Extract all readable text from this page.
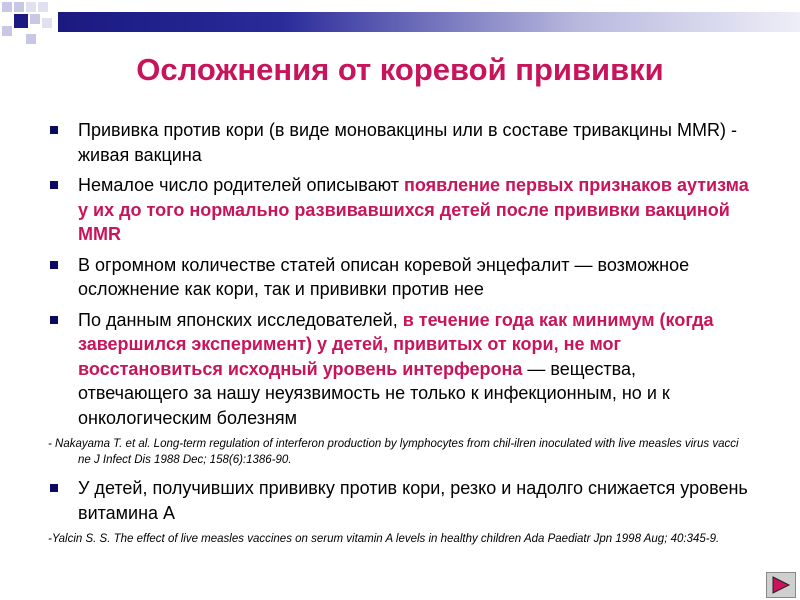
Осложнения от коревой прививки
Прививка против кори (в виде моновакцины или в составе тривакцины MMR) - живая вакцина
Немалое число родителей описывают появление первых признаков аутизма у их до того нормально развивавшихся детей после прививки вакциной MMR
В огромном количестве статей описан коревой энцефалит — возможное осложнение как кори, так и прививки против нее
По данным японских исследователей, в течение года как минимум (когда завершился эксперимент) у детей, привитых от кори, не мог восстановиться исходный уровень интерферона — вещества, отвечающего за нашу неуязвимость не только к инфекционным, но и к онкологическим болезням
- Nakayama T. et al. Long-term regulation of interferon production by lymphocytes from chil-ilren inoculated with live measles virus vacci ne J Infect Dis 1988 Dec; 158(6):1386-90.
У детей, получивших прививку против кори, резко и надолго снижается уровень витамина А
-Yalcin S. S. The effect of live measles vaccines on serum vitamin A levels in healthy children Ada Paediatr Jpn 1998 Aug; 40:345-9.
